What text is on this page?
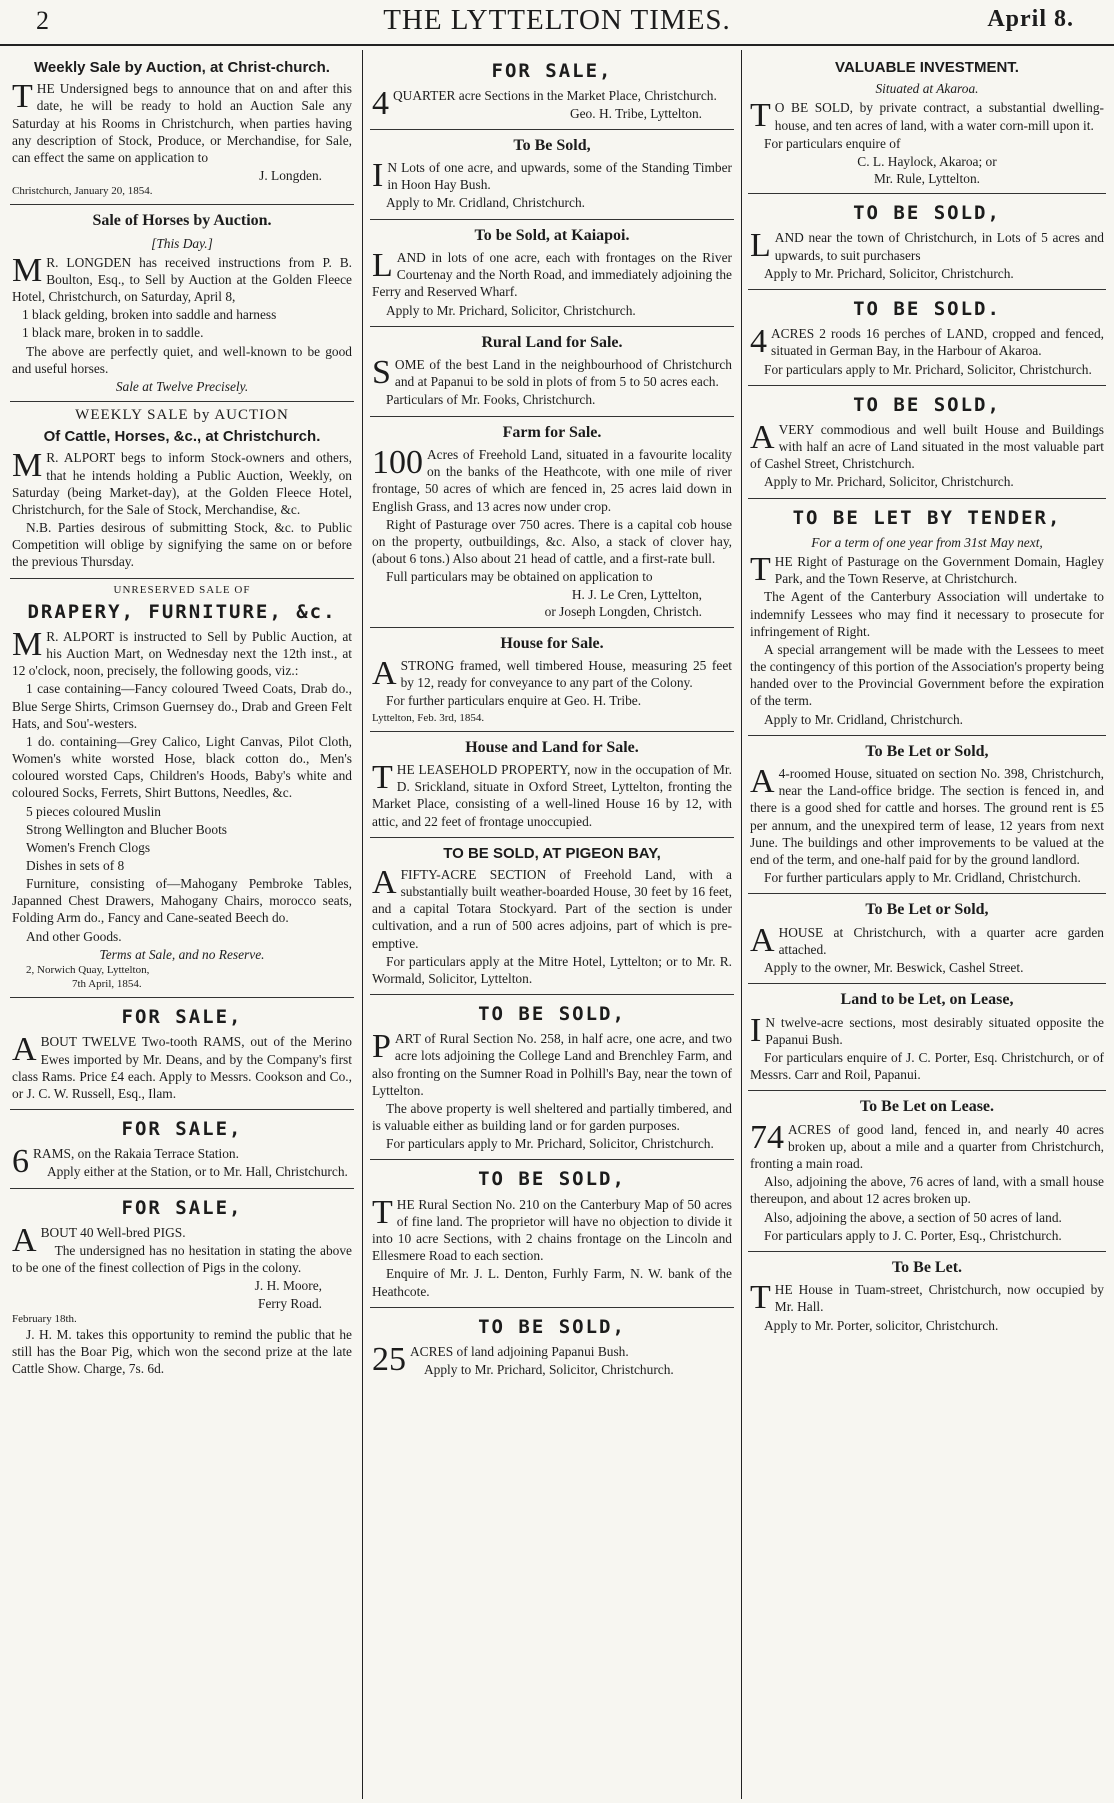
2	THE LYTTELTON TIMES.	April 8.
Weekly Sale by Auction, at Christ-church.

THE Undersigned begs to announce that on and after this date, he will be ready to hold an Auction Sale any Saturday at his Rooms in Christchurch, when parties having any description of Stock, Produce, or Merchandise, for Sale, can effect the same on application to

J. Longden.
Christchurch, January 20, 1854.
Sale of Horses by Auction.
[This Day.]

M R. LONGDEN has received instructions from P. B. Boulton, Esq., to Sell by Auction at the Golden Fleece Hotel, Christchurch, on Saturday, April 8,

1 black gelding, broken into saddle and harness

1 black mare, broken in to saddle.

The above are perfectly quiet, and well-known to be good and useful horses.

Sale at Twelve Precisely.
WEEKLY SALE by AUCTION
Of Cattle, Horses, &c., at Christchurch.

M R. ALPORT begs to inform Stock-owners and others, that he intends holding a Public Auction, Weekly, on Saturday (being Market-day), at the Golden Fleece Hotel, Christchurch, for the Sale of Stock, Merchandise, &c.

N.B. Parties desirous of submitting Stock, &c. to Public Competition will oblige by signifying the same on or before the previous Thursday.

UNRESERVED SALE OF
DRAPERY, FURNITURE, &c.

M R. ALPORT is instructed to Sell by Public Auction, at his Auction Mart, on Wednesday next the 12th inst., at 12 o'clock, noon, precisely, the following goods, viz.:

1 case containing—Fancy coloured Tweed Coats, Drab do., Blue Serge Shirts, Crimson Guernsey do., Drab and Green Felt Hats, and Sou'-westers.

1 do. containing—Grey Calico, Light Canvas, Pilot Cloth, Women's white worsted Hose, black cotton do., Men's coloured worsted Caps, Children's Hoods, Baby's white and coloured Socks, Ferrets, Shirt Buttons, Needles, &c.

5 pieces coloured Muslin

Strong Wellington and Blucher Boots

Women's French Clogs

Dishes in sets of 8

Furniture, consisting of—Mahogany Pembroke Tables, Japanned Chest Drawers, Mahogany Chairs, morocco seats, Folding Arm do., Fancy and Cane-seated Beech do.

And other Goods.

Terms at Sale, and no Reserve.
2, Norwich Quay, Lyttelton,
7th April, 1854.
FOR SALE,

ABOUT TWELVE Two-tooth RAMS, out of the Merino Ewes imported by Mr. Deans, and by the Company's first class Rams. Price £4 each. Apply to Messrs. Cookson and Co., or J. C. W. Russell, Esq., Ilam.

FOR SALE,

6 RAMS, on the Rakaia Terrace Station.

Apply either at the Station, or to Mr. Hall, Christchurch.

FOR SALE,

ABOUT 40 Well-bred PIGS.

The undersigned has no hesitation in stating the above to be one of the finest collection of Pigs in the colony.

J. H. Moore,
Ferry Road.
February 18th.

J. H. M. takes this opportunity to remind the public that he still has the Boar Pig, which won the second prize at the late Cattle Show. Charge, 7s. 6d.

FOR SALE,

4 QUARTER acre Sections in the Market Place, Christchurch.

Geo. H. Tribe, Lyttelton.
To Be Sold,

I N Lots of one acre, and upwards, some of the Standing Timber in Hoon Hay Bush.

Apply to Mr. Cridland, Christchurch.

To be Sold, at Kaiapoi.

LAND in lots of one acre, each with frontages on the River Courtenay and the North Road, and immediately adjoining the Ferry and Reserved Wharf.

Apply to Mr. Prichard, Solicitor, Christchurch.

Rural Land for Sale.

SOME of the best Land in the neighbourhood of Christchurch and at Papanui to be sold in plots of from 5 to 50 acres each.

Particulars of Mr. Fooks, Christchurch.

Farm for Sale.

100 Acres of Freehold Land, situated in a favourite locality on the banks of the Heathcote, with one mile of river frontage, 50 acres of which are fenced in, 25 acres laid down in English Grass, and 13 acres now under crop.

Right of Pasturage over 750 acres. There is a capital cob house on the property, outbuildings, &c. Also, a stack of clover hay, (about 6 tons.) Also about 21 head of cattle, and a first-rate bull.

Full particulars may be obtained on application to

H. J. Le Cren, Lyttelton,
or Joseph Longden, Christch.
House for Sale.

ASTRONG framed, well timbered House, measuring 25 feet by 12, ready for conveyance to any part of the Colony.

For further particulars enquire at Geo. H. Tribe.

Lyttelton, Feb. 3rd, 1854.
House and Land for Sale.

THE LEASEHOLD PROPERTY, now in the occupation of Mr. D. Srickland, situate in Oxford Street, Lyttelton, fronting the Market Place, consisting of a well-lined House 16 by 12, with attic, and 22 feet of frontage unoccupied.

TO BE SOLD, AT PIGEON BAY,

AFIFTY-ACRE SECTION of Freehold Land, with a substantially built weather-boarded House, 30 feet by 16 feet, and a capital Totara Stockyard. Part of the section is under cultivation, and a run of 500 acres adjoins, part of which is pre-emptive.

For particulars apply at the Mitre Hotel, Lyttelton; or to Mr. R. Wormald, Solicitor, Lyttelton.

TO BE SOLD,

PART of Rural Section No. 258, in half acre, one acre, and two acre lots adjoining the College Land and Brenchley Farm, and also fronting on the Sumner Road in Polhill's Bay, near the town of Lyttelton.

The above property is well sheltered and partially timbered, and is valuable either as building land or for garden purposes.

For particulars apply to Mr. Prichard, Solicitor, Christchurch.

TO BE SOLD,

THE Rural Section No. 210 on the Canterbury Map of 50 acres of fine land. The proprietor will have no objection to divide it into 10 acre Sections, with 2 chains frontage on the Lincoln and Ellesmere Road to each section.

Enquire of Mr. J. L. Denton, Furhly Farm, N. W. bank of the Heathcote.

TO BE SOLD,

25 ACRES of land adjoining Papanui Bush.

Apply to Mr. Prichard, Solicitor, Christchurch.

VALUABLE INVESTMENT.
Situated at Akaroa.

T O BE SOLD, by private contract, a substantial dwelling-house, and ten acres of land, with a water corn-mill upon it.

For particulars enquire of

C. L. Haylock, Akaroa; or
Mr. Rule, Lyttelton.
TO BE SOLD,

LAND near the town of Christchurch, in Lots of 5 acres and upwards, to suit purchasers

Apply to Mr. Prichard, Solicitor, Christchurch.

TO BE SOLD.

4 ACRES 2 roods 16 perches of LAND, cropped and fenced, situated in German Bay, in the Harbour of Akaroa.

For particulars apply to Mr. Prichard, Solicitor, Christchurch.

TO BE SOLD,

AVERY commodious and well built House and Buildings with half an acre of Land situated in the most valuable part of Cashel Street, Christchurch.

Apply to Mr. Prichard, Solicitor, Christchurch.

TO BE LET BY TENDER,
For a term of one year from 31st May next,

THE Right of Pasturage on the Government Domain, Hagley Park, and the Town Reserve, at Christchurch.

The Agent of the Canterbury Association will undertake to indemnify Lessees who may find it necessary to prosecute for infringement of Right.

A special arrangement will be made with the Lessees to meet the contingency of this portion of the Association's property being handed over to the Provincial Government before the expiration of the term.

Apply to Mr. Cridland, Christchurch.

To Be Let or Sold,

A 4-roomed House, situated on section No. 398, Christchurch, near the Land-office bridge. The section is fenced in, and there is a good shed for cattle and horses. The ground rent is £5 per annum, and the unexpired term of lease, 12 years from next June. The buildings and other improvements to be valued at the end of the term, and one-half paid for by the ground landlord.

For further particulars apply to Mr. Cridland, Christchurch.

To Be Let or Sold,

AHOUSE at Christchurch, with a quarter acre garden attached.

Apply to the owner, Mr. Beswick, Cashel Street.

Land to be Let, on Lease,

I N twelve-acre sections, most desirably situated opposite the Papanui Bush.

For particulars enquire of J. C. Porter, Esq. Christchurch, or of Messrs. Carr and Roil, Papanui.

To Be Let on Lease.

74 ACRES of good land, fenced in, and nearly 40 acres broken up, about a mile and a quarter from Christchurch, fronting a main road.

Also, adjoining the above, 76 acres of land, with a small house thereupon, and about 12 acres broken up.

Also, adjoining the above, a section of 50 acres of land.

For particulars apply to J. C. Porter, Esq., Christchurch.

To Be Let.

THE House in Tuam-street, Christchurch, now occupied by Mr. Hall.

Apply to Mr. Porter, solicitor, Christchurch.
